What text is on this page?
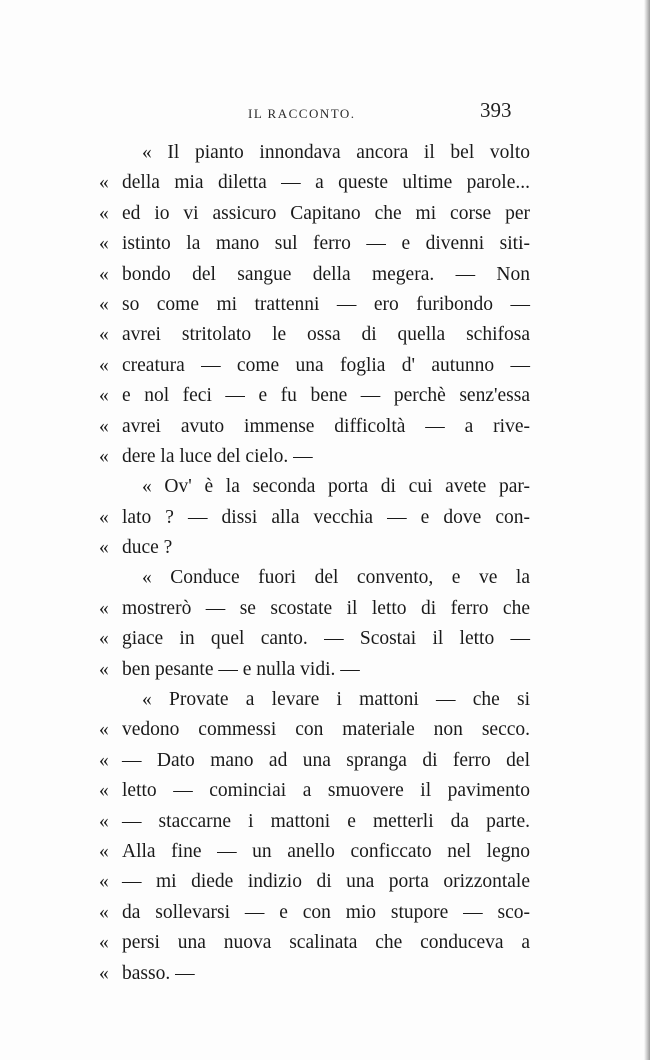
IL RACCONTO.	393
« Il pianto innondava ancora il bel volto
« della mia diletta — a queste ultime parole...
« ed io vi assicuro Capitano che mi corse per
« istinto la mano sul ferro — e divenni siti-
« bondo del sangue della megera. — Non
« so come mi trattenni — ero furibondo —
« avrei stritolato le ossa di quella schifosa
« creatura — come una foglia d' autunno —
« e nol feci — e fu bene — perchè senz'essa
« avrei avuto immense difficoltà — a rive-
« dere la luce del cielo. —
« Ov' è la seconda porta di cui avete par-
« lato ? — dissi alla vecchia — e dove con-
« duce ?
« Conduce fuori del convento, e ve la
« mostrerò — se scostate il letto di ferro che
« giace in quel canto. — Scostai il letto —
« ben pesante — e nulla vidi. —
« Provate a levare i mattoni — che si
« vedono commessi con materiale non secco.
« — Dato mano ad una spranga di ferro del
« letto — cominciai a smuovere il pavimento
« — staccarne i mattoni e metterli da parte.
« Alla fine — un anello conficcato nel legno
« — mi diede indizio di una porta orizzontale
« da sollevarsi — e con mio stupore — sco-
« persi una nuova scalinata che conduceva a
« basso. —
